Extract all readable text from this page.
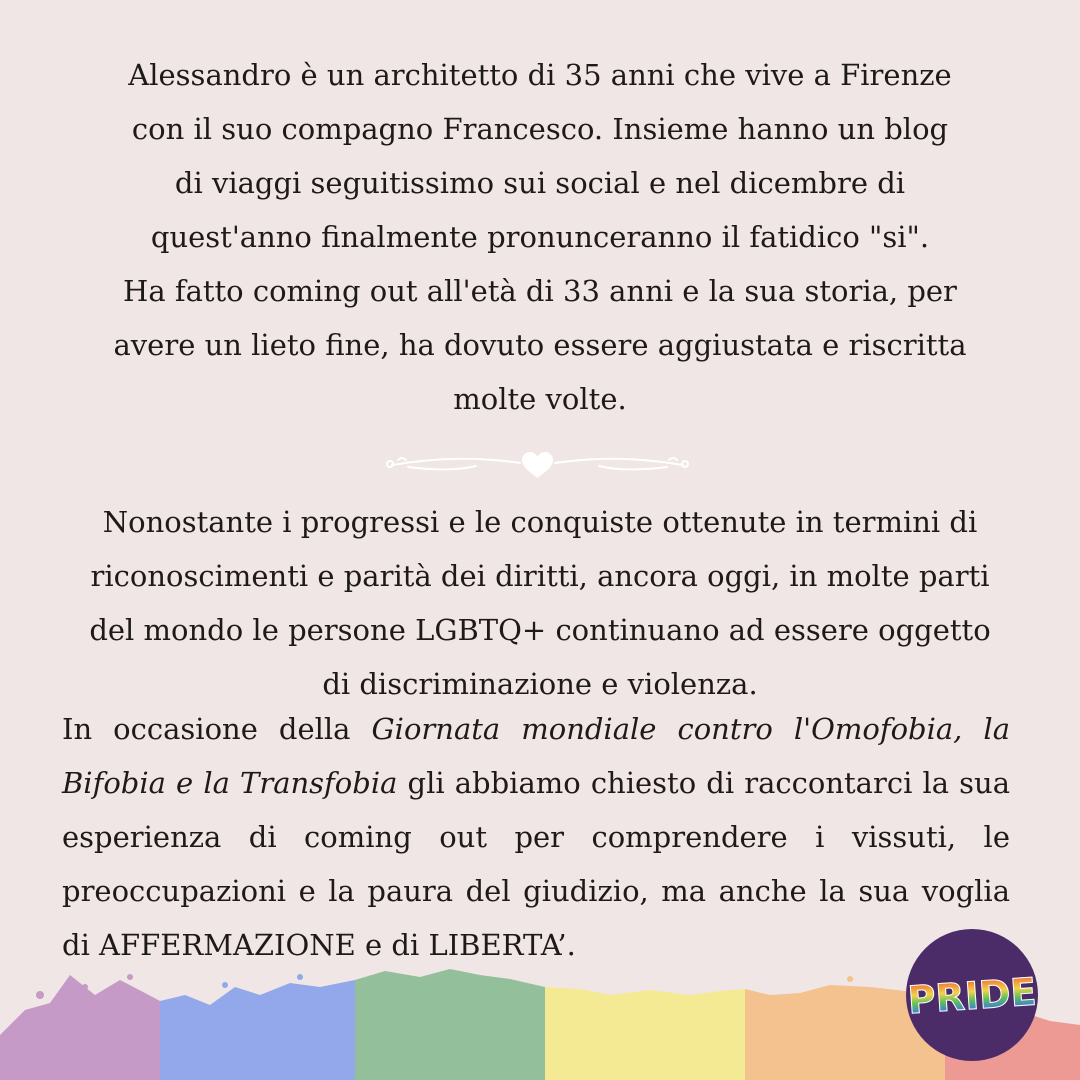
Alessandro è un architetto di 35 anni che vive a Firenze
con il suo compagno Francesco. Insieme hanno un blog
di viaggi seguitissimo sui social e nel dicembre di
quest'anno finalmente pronunceranno il fatidico "si".
Ha fatto coming out all'età di 33 anni e la sua storia, per
avere un lieto fine, ha dovuto essere aggiustata e riscritta
molte volte.

Nonostante i progressi e le conquiste ottenute in termini di
riconoscimenti e parità dei diritti, ancora oggi, in molte parti
del mondo le persone LGBTQ+ continuano ad essere oggetto
di discriminazione e violenza.

In occasione della Giornata mondiale contro l'Omofobia, la Bifobia e la Transfobia gli abbiamo chiesto di raccontarci la sua esperienza di coming out per comprendere i vissuti, le preoccupazioni e la paura del giudizio, ma anche la sua voglia di AFFERMAZIONE e di LIBERTA’.

PRIDE
